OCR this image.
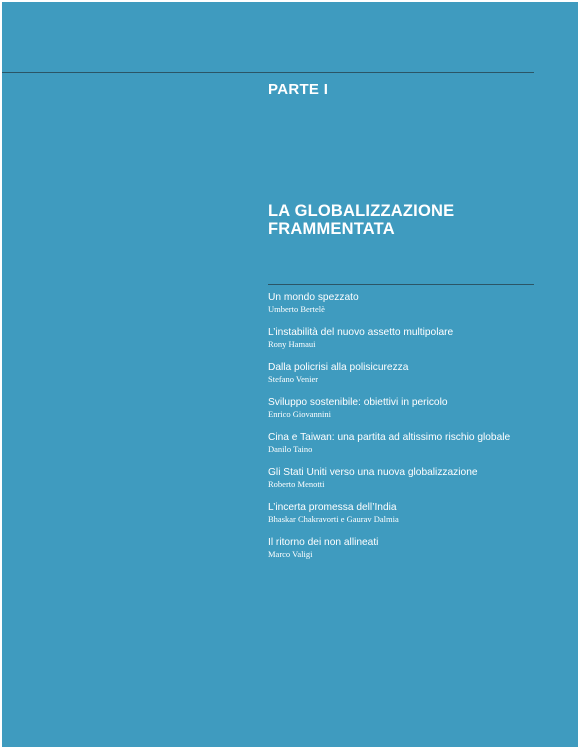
PARTE I
LA GLOBALIZZAZIONE
FRAMMENTATA
Un mondo spezzato
Umberto Bertelè
L’instabilità del nuovo assetto multipolare
Rony Hamaui
Dalla policrisi alla polisicurezza
Stefano Venier
Sviluppo sostenibile: obiettivi in pericolo
Enrico Giovannini
Cina e Taiwan: una partita ad altissimo rischio globale
Danilo Taino
Gli Stati Uniti verso una nuova globalizzazione
Roberto Menotti
L’incerta promessa dell’India
Bhaskar Chakravorti e Gaurav Dalmia
Il ritorno dei non allineati
Marco Valigi
